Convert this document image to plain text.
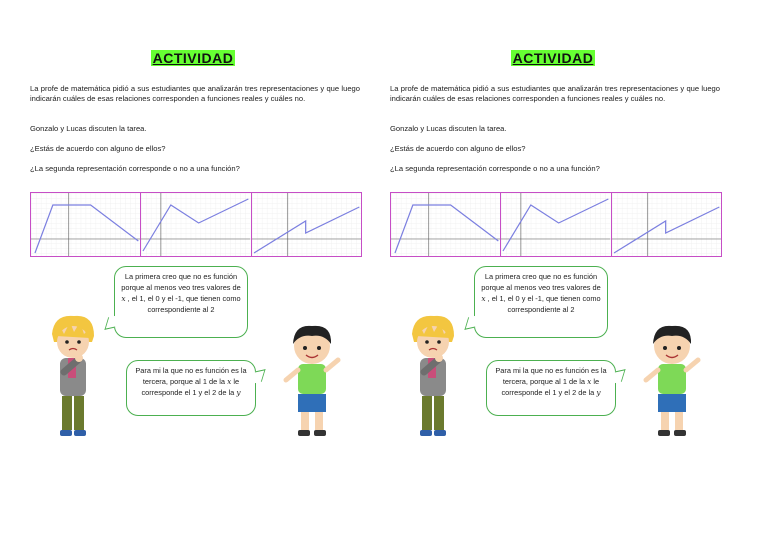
ACTIVIDAD
La profe de matemática pidió a sus estudiantes que analizarán tres representaciones y que luego indicarán cuáles de esas relaciones corresponden a funciones reales y cuáles no.
Gonzalo y Lucas discuten la tarea.
¿Estás de acuerdo con alguno de ellos?
¿La segunda representación corresponde o no a una función?
La primera creo que no es función porque al menos veo tres valores de x , el 1, el 0 y el -1, que tienen como correspondiente al 2
Para mi la que no es función es la tercera, porque al 1 de la x le corresponde el 1 y el 2 de la y
ACTIVIDAD
La profe de matemática pidió a sus estudiantes que analizarán tres representaciones y que luego indicarán cuáles de esas relaciones corresponden a funciones reales y cuáles no.
Gonzalo y Lucas discuten la tarea.
¿Estás de acuerdo con alguno de ellos?
¿La segunda representación corresponde o no a una función?
La primera creo que no es función porque al menos veo tres valores de x , el 1, el 0 y el -1, que tienen como correspondiente al 2
Para mi la que no es función es la tercera, porque al 1 de la x le corresponde el 1 y el 2 de la y
